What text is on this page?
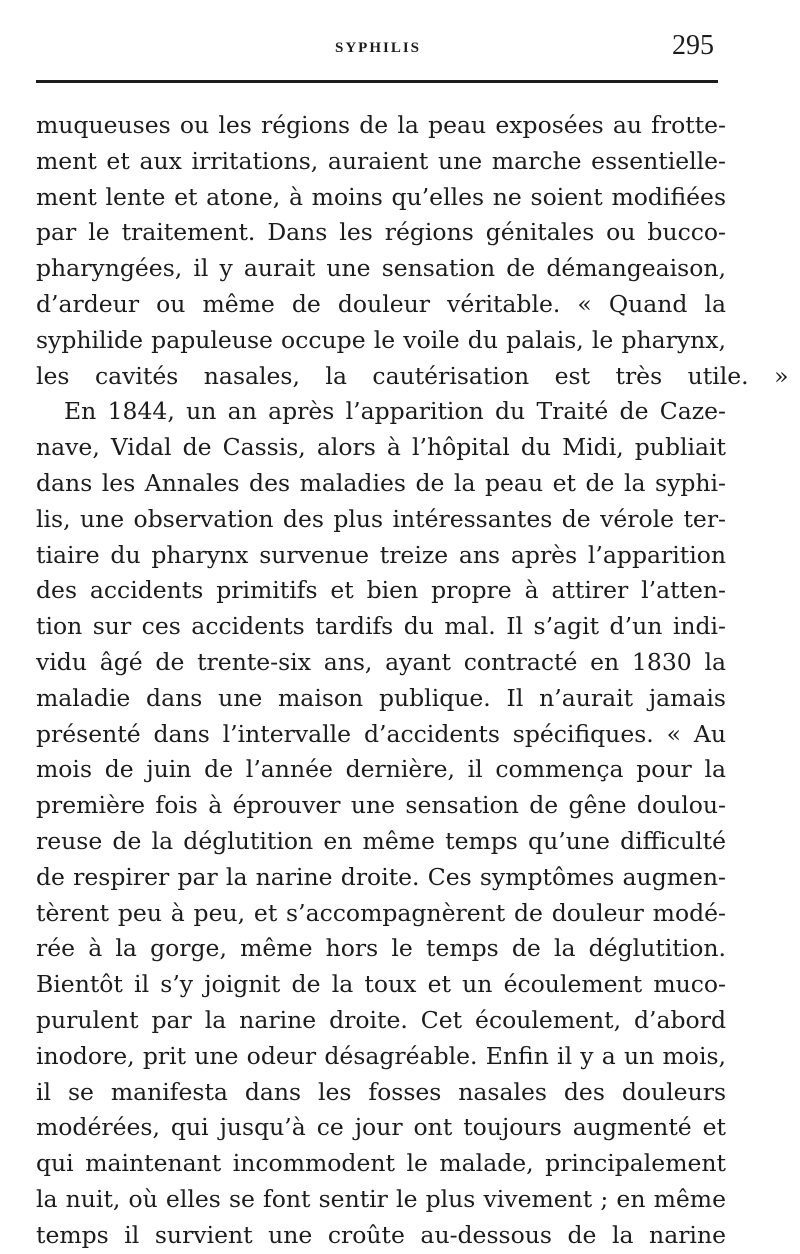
SYPHILIS	295
muqueuses ou les régions de la peau exposées au frotte-
ment et aux irritations, auraient une marche essentielle-
ment lente et atone, à moins qu’elles ne soient modifiées
par le traitement. Dans les régions génitales ou bucco-
pharyngées, il y aurait une sensation de démangeaison,
d’ardeur ou même de douleur véritable. « Quand la
syphilide papuleuse occupe le voile du palais, le pharynx,
les cavités nasales, la cautérisation est très utile. »
En 1844, un an après l’apparition du Traité de Caze-
nave, Vidal de Cassis, alors à l’hôpital du Midi, publiait
dans les Annales des maladies de la peau et de la syphi-
lis, une observation des plus intéressantes de vérole ter-
tiaire du pharynx survenue treize ans après l’apparition
des accidents primitifs et bien propre à attirer l’atten-
tion sur ces accidents tardifs du mal. Il s’agit d’un indi-
vidu âgé de trente-six ans, ayant contracté en 1830 la
maladie dans une maison publique. Il n’aurait jamais
présenté dans l’intervalle d’accidents spécifiques. « Au
mois de juin de l’année dernière, il commença pour la
première fois à éprouver une sensation de gêne doulou-
reuse de la déglutition en même temps qu’une difficulté
de respirer par la narine droite. Ces symptômes augmen-
tèrent peu à peu, et s’accompagnèrent de douleur modé-
rée à la gorge, même hors le temps de la déglutition.
Bientôt il s’y joignit de la toux et un écoulement muco-
purulent par la narine droite. Cet écoulement, d’abord
inodore, prit une odeur désagréable. Enfin il y a un mois,
il se manifesta dans les fosses nasales des douleurs
modérées, qui jusqu’à ce jour ont toujours augmenté et
qui maintenant incommodent le malade, principalement
la nuit, où elles se font sentir le plus vivement ; en même
temps il survient une croûte au-dessous de la narine
